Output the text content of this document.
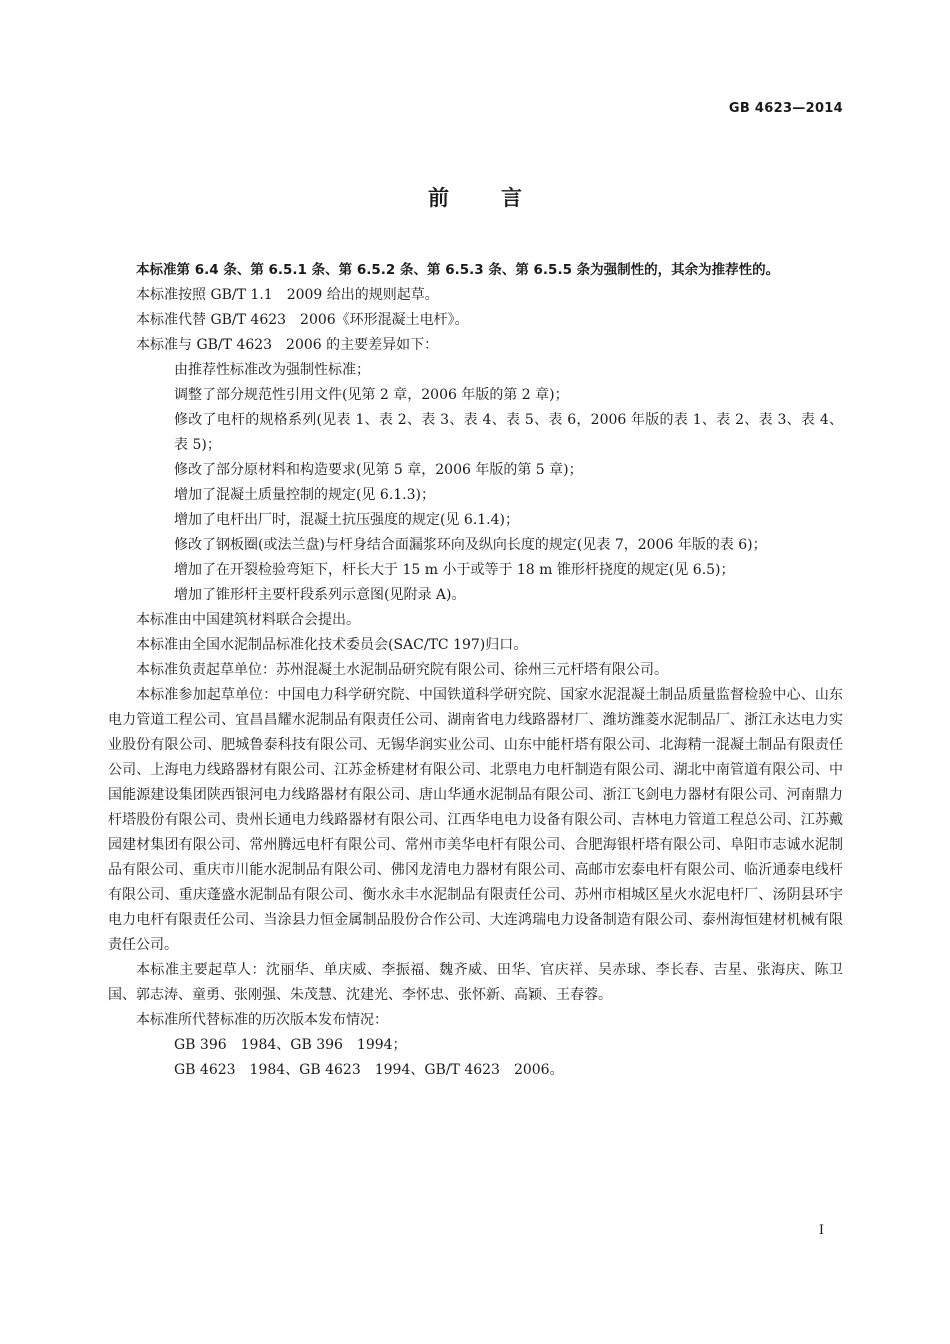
GB 4623—2014
前言

本标准第 6.4 条、第 6.5.1 条、第 6.5.2 条、第 6.5.3 条、第 6.5.5 条为强制性的，其余为推荐性的。

本标准按照 GB/T 1.1　2009 给出的规则起草。

本标准代替 GB/T 4623　2006《环形混凝土电杆》。

本标准与 GB/T 4623　2006 的主要差异如下：

由推荐性标准改为强制性标准；

调整了部分规范性引用文件(见第 2 章，2006 年版的第 2 章)；

修改了电杆的规格系列(见表 1、表 2、表 3、表 4、表 5、表 6，2006 年版的表 1、表 2、表 3、表 4、表 5)；

修改了部分原材料和构造要求(见第 5 章，2006 年版的第 5 章)；

增加了混凝土质量控制的规定(见 6.1.3)；

增加了电杆出厂时，混凝土抗压强度的规定(见 6.1.4)；

修改了钢板圈(或法兰盘)与杆身结合面漏浆环向及纵向长度的规定(见表 7，2006 年版的表 6)；

增加了在开裂检验弯矩下，杆长大于 15 m 小于或等于 18 m 锥形杆挠度的规定(见 6.5)；

增加了锥形杆主要杆段系列示意图(见附录 A)。

本标准由中国建筑材料联合会提出。

本标准由全国水泥制品标准化技术委员会(SAC/TC 197)归口。

本标准负责起草单位：苏州混凝土水泥制品研究院有限公司、徐州三元杆塔有限公司。

本标准参加起草单位：中国电力科学研究院、中国铁道科学研究院、国家水泥混凝土制品质量监督检验中心、山东电力管道工程公司、宜昌昌耀水泥制品有限责任公司、湖南省电力线路器材厂、潍坊潍菱水泥制品厂、浙江永达电力实业股份有限公司、肥城鲁泰科技有限公司、无锡华润实业公司、山东中能杆塔有限公司、北海精一混凝土制品有限责任公司、上海电力线路器材有限公司、江苏金桥建材有限公司、北票电力电杆制造有限公司、湖北中南管道有限公司、中国能源建设集团陕西银河电力线路器材有限公司、唐山华通水泥制品有限公司、浙江飞剑电力器材有限公司、河南鼎力杆塔股份有限公司、贵州长通电力线路器材有限公司、江西华电电力设备有限公司、吉林电力管道工程总公司、江苏戴园建材集团有限公司、常州腾远电杆有限公司、常州市美华电杆有限公司、合肥海银杆塔有限公司、阜阳市志诚水泥制品有限公司、重庆市川能水泥制品有限公司、佛冈龙清电力器材有限公司、高邮市宏泰电杆有限公司、临沂通泰电线杆有限公司、重庆蓬盛水泥制品有限公司、衡水永丰水泥制品有限责任公司、苏州市相城区星火水泥电杆厂、汤阴县环宇电力电杆有限责任公司、当涂县力恒金属制品股份合作公司、大连鸿瑞电力设备制造有限公司、泰州海恒建材机械有限责任公司。

本标准主要起草人：沈丽华、单庆威、李振福、魏齐威、田华、官庆祥、吴赤球、李长春、吉星、张海庆、陈卫国、郭志涛、童勇、张刚强、朱茂慧、沈建光、李怀忠、张怀新、高颖、王春蓉。

本标准所代替标准的历次版本发布情况：

GB 396　1984、GB 396　1994；

GB 4623　1984、GB 4623　1994、GB/T 4623　2006。

I
